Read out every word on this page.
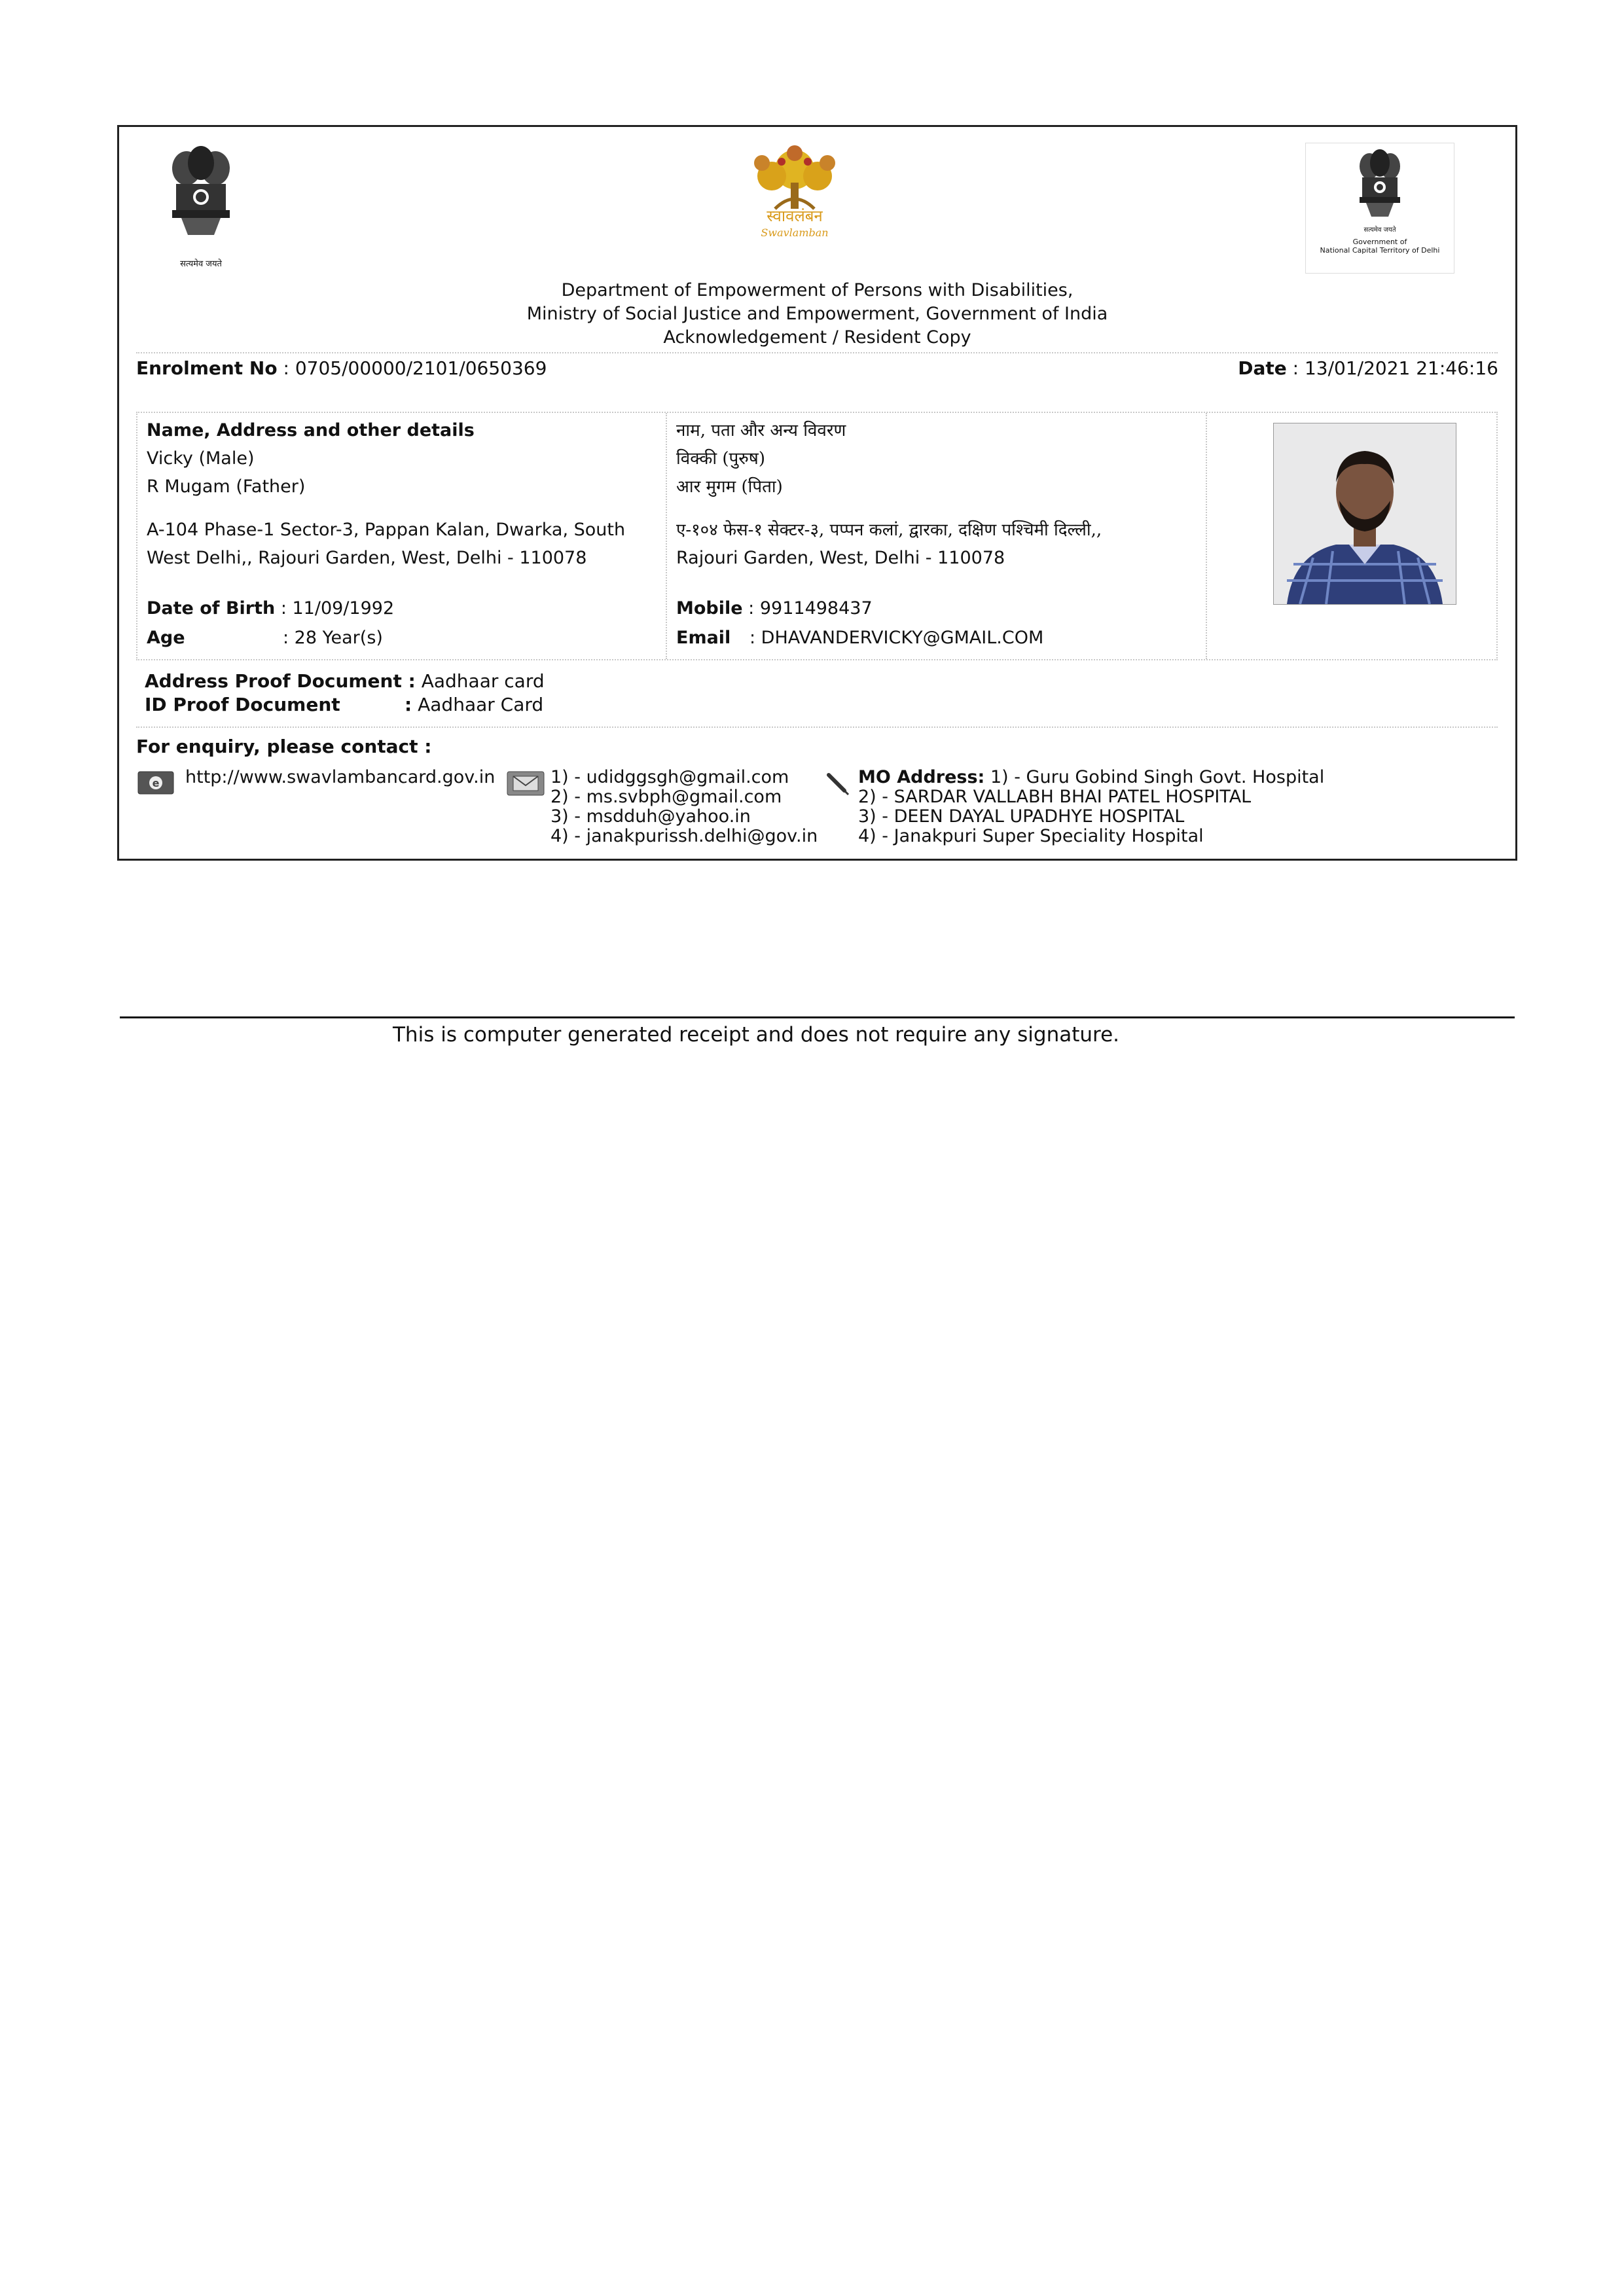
सत्यमेव जयते
स्वावलंबन
Swavlamban	सत्यमेव जयते
Government of
National Capital Territory of Delhi
Department of Empowerment of Persons with Disabilities,
Ministry of Social Justice and Empowerment, Government of India
Acknowledgement / Resident Copy
Enrolment No : 0705/00000/2101/0650369	Date : 13/01/2021 21:46:16
Name, Address and other details
Vicky (Male)
R Mugam (Father)
A-104 Phase-1 Sector-3, Pappan Kalan, Dwarka, South
West Delhi,, Rajouri Garden, West, Delhi - 110078
Date of Birth : 11/09/1992
Age	: 28 Year(s)
नाम, पता और अन्य विवरण
विक्की (पुरुष)
आर मुगम (पिता)
ए-१०४ फेस-१ सेक्टर-३, पप्पन कलां, द्वारका, दक्षिण पश्चिमी दिल्ली,,
Rajouri Garden, West, Delhi - 110078
Mobile : 9911498437
Email : DHAVANDERVICKY@GMAIL.COM
Address Proof Document : Aadhaar card
ID Proof Document	: Aadhaar Card
For enquiry, please contact :
e http://www.swavlambancard.gov.in	1) - udidggsgh@gmail.com
2) - ms.svbph@gmail.com
3) - msdduh@yahoo.in
4) - janakpurissh.delhi@gov.in
MO Address: 1) - Guru Gobind Singh Govt. Hospital
2) - SARDAR VALLABH BHAI PATEL HOSPITAL
3) - DEEN DAYAL UPADHYE HOSPITAL
4) - Janakpuri Super Speciality Hospital
This is computer generated receipt and does not require any signature.
